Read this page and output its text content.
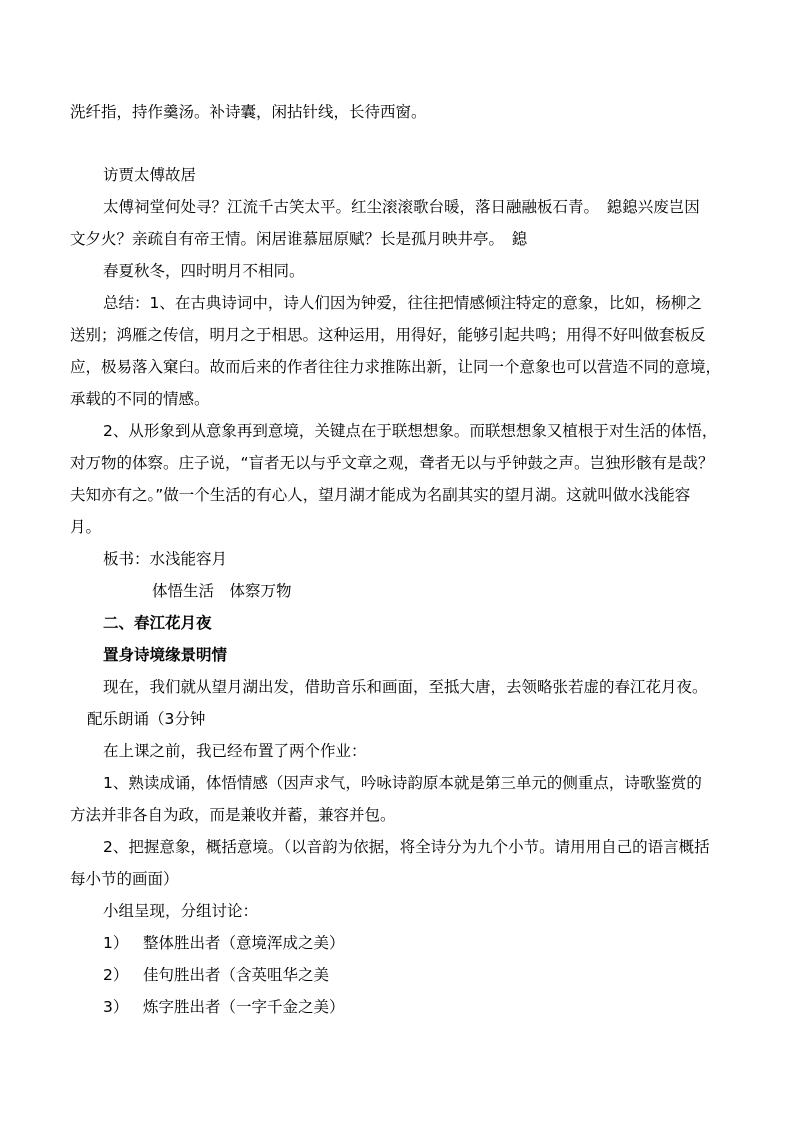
洗纤指，持作羹汤。补诗囊，闲拈针线，长待西窗。
访贾太傅故居
太傅祠堂何处寻？江流千古笑太平。红尘滚滚歌台暖，落日融融板石青。　鎴鎴兴废岂因
文夕火？亲疏自有帝王情。闲居谁慕屈原赋？长是孤月映井亭。　鎴
春夏秋冬，四时明月不相同。
总结：1、在古典诗词中，诗人们因为钟爱，往往把情感倾注特定的意象，比如，杨柳之
送别；鸿雁之传信，明月之于相思。这种运用，用得好，能够引起共鸣；用得不好叫做套板反
应，极易落入窠臼。故而后来的作者往往力求推陈出新，让同一个意象也可以营造不同的意境，
承载的不同的情感。
2、从形象到从意象再到意境，关键点在于联想想象。而联想想象又植根于对生活的体悟，
对万物的体察。庄子说，“盲者无以与乎文章之观，聋者无以与乎钟鼓之声。岂独形骸有是哉？
夫知亦有之。”做一个生活的有心人，望月湖才能成为名副其实的望月湖。这就叫做水浅能容
月。
板书：水浅能容月
体悟生活　体察万物
二、春江花月夜
置身诗境缘景明情
现在，我们就从望月湖出发，借助音乐和画面，至抵大唐，去领略张若虚的春江花月夜。
配乐朗诵（3分钟
在上课之前，我已经布置了两个作业：
1、熟读成诵，体悟情感（因声求气，吟咏诗韵原本就是第三单元的侧重点，诗歌鉴赏的
方法并非各自为政，而是兼收并蓄，兼容并包。
2、把握意象，概括意境。（以音韵为依据，将全诗分为九个小节。请用用自己的语言概括
每小节的画面）
小组呈现，分组讨论：
1） 整体胜出者（意境浑成之美）
2） 佳句胜出者（含英咀华之美
3） 炼字胜出者（一字千金之美）
